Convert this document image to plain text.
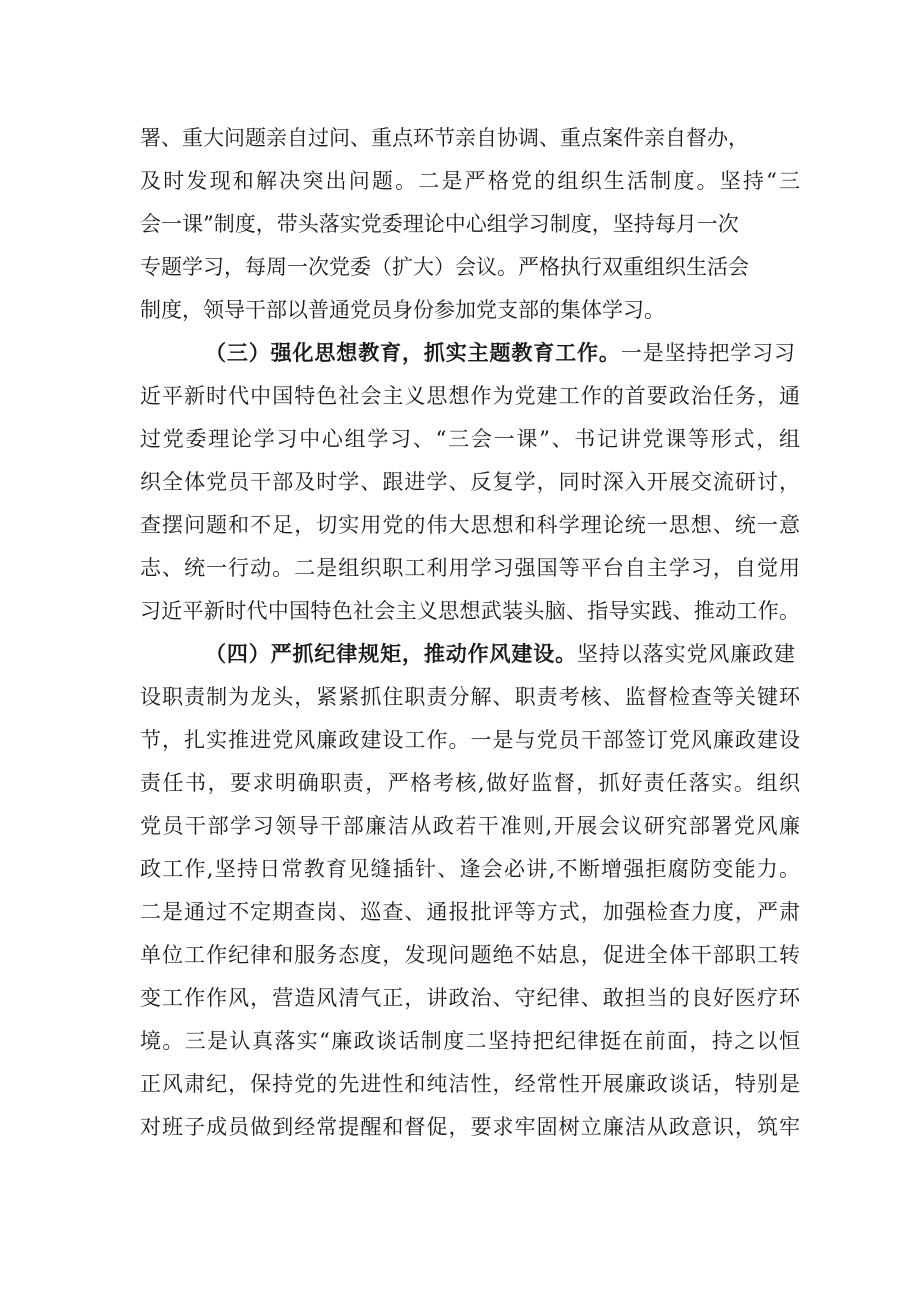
署、重大问题亲自过问、重点环节亲自协调、重点案件亲自督办，
及时发现和解决突出问题。二是严格党的组织生活制度。坚持“三
会一课”制度，带头落实党委理论中心组学习制度，坚持每月一次
专题学习，每周一次党委（扩大）会议。严格执行双重组织生活会
制度，领导干部以普通党员身份参加党支部的集体学习。
（三）强化思想教育，抓实主题教育工作。一是坚持把学习习
近平新时代中国特色社会主义思想作为党建工作的首要政治任务，通
过党委理论学习中心组学习、“三会一课”、书记讲党课等形式，组
织全体党员干部及时学、跟进学、反复学，同时深入开展交流研讨，
查摆问题和不足，切实用党的伟大思想和科学理论统一思想、统一意
志、统一行动。二是组织职工利用学习强国等平台自主学习，自觉用
习近平新时代中国特色社会主义思想武装头脑、指导实践、推动工作。
（四）严抓纪律规矩，推动作风建设。坚持以落实党风廉政建
设职责制为龙头，紧紧抓住职责分解、职责考核、监督检查等关键环
节，扎实推进党风廉政建设工作。一是与党员干部签订党风廉政建设
责任书，要求明确职责，严格考核,做好监督，抓好责任落实。组织
党员干部学习领导干部廉洁从政若干准则,开展会议研究部署党风廉
政工作,坚持日常教育见缝插针、逢会必讲,不断增强拒腐防变能力。
二是通过不定期查岗、巡查、通报批评等方式，加强检查力度，严肃
单位工作纪律和服务态度，发现问题绝不姑息，促进全体干部职工转
变工作作风，营造风清气正，讲政治、守纪律、敢担当的良好医疗环
境。三是认真落实“廉政谈话制度二坚持把纪律挺在前面，持之以恒
正风肃纪，保持党的先进性和纯洁性，经常性开展廉政谈话，特别是
对班子成员做到经常提醒和督促，要求牢固树立廉洁从政意识，筑牢
